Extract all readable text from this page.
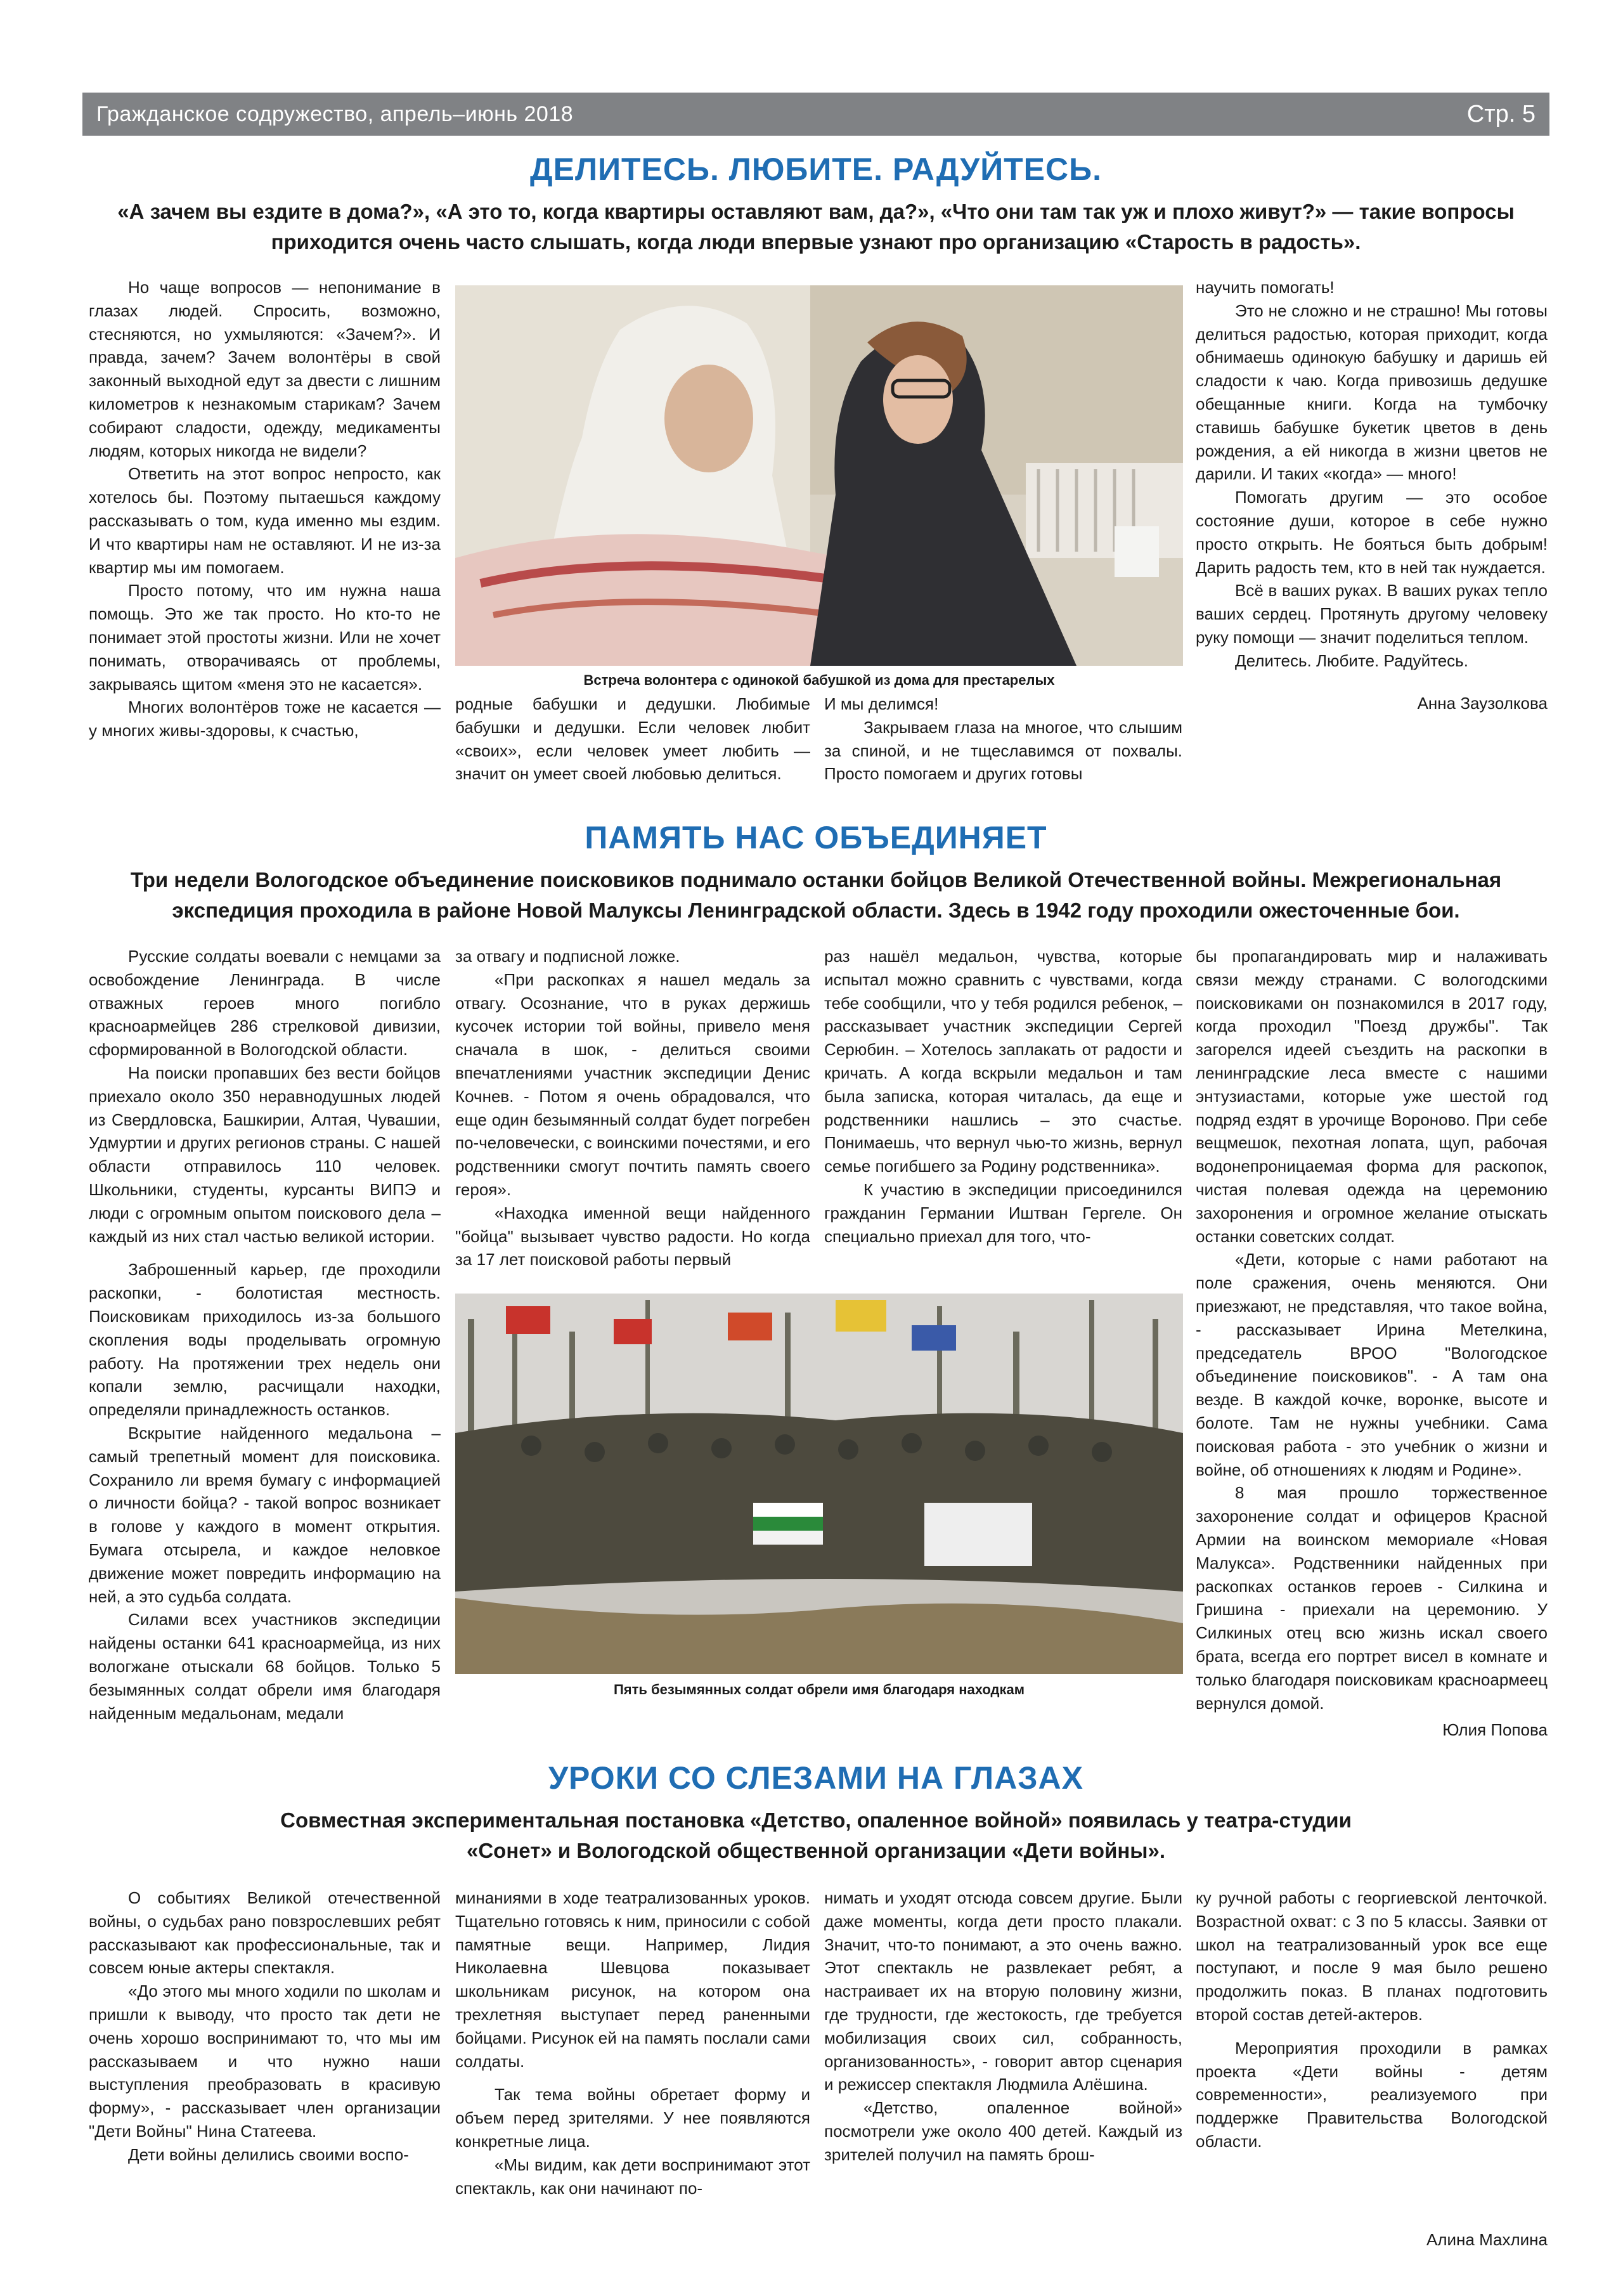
Гражданское содружество, апрель–июнь 2018	Стр. 5
ДЕЛИТЕСЬ. ЛЮБИТЕ. РАДУЙТЕСЬ.
«А зачем вы ездите в дома?», «А это то, когда квартиры оставляют вам, да?», «Что они там так уж и плохо живут?» — такие вопросы приходится очень часто слышать, когда люди впервые узнают про организацию «Старость в радость».

Но чаще вопросов — непонимание в глазах людей. Спросить, возможно, стесняются, но ухмыляются: «Зачем?». И правда, зачем? Зачем волонтёры в свой законный выходной едут за двести с лишним километров к незнакомым старикам? Зачем собирают сладости, одежду, медикаменты людям, которых никогда не видели?

Ответить на этот вопрос непросто, как хотелось бы. Поэтому пытаешься каждому рассказывать о том, куда именно мы ездим. И что квартиры нам не оставляют. И не из-за квартир мы им помогаем.

Просто потому, что им нужна наша помощь. Это же так просто. Но кто-то не понимает этой простоты жизни. Или не хочет понимать, отворачиваясь от проблемы, закрываясь щитом «меня это не касается».

Многих волонтёров тоже не касается — у многих живы-здоровы, к счастью,

Встреча волонтера с одинокой бабушкой из дома для престарелых

родные бабушки и дедушки. Любимые бабушки и дедушки. Если человек любит «своих», если человек умеет любить — значит он умеет своей любовью делиться.

И мы делимся!

Закрываем глаза на многое, что слышим за спиной, и не тщеславимся от похвалы. Просто помогаем и других готовы

научить помогать!

Это не сложно и не страшно! Мы готовы делиться радостью, которая приходит, когда обнимаешь одинокую бабушку и даришь ей сладости к чаю. Когда привозишь дедушке обещанные книги. Когда на тумбочку ставишь бабушке букетик цветов в день рождения, а ей никогда в жизни цветов не дарили. И таких «когда» — много!

Помогать другим — это особое состояние души, которое в себе нужно просто открыть. Не бояться быть добрым! Дарить радость тем, кто в ней так нуждается.

Всё в ваших руках. В ваших руках тепло ваших сердец. Протянуть другому человеку руку помощи — значит поделиться теплом.

Делитесь. Любите. Радуйтесь.

Анна Заузолкова

ПАМЯТЬ НАС ОБЪЕДИНЯЕТ
Три недели Вологодское объединение поисковиков поднимало останки бойцов Великой Отечественной войны. Межрегиональная экспедиция проходила в районе Новой Малуксы Ленинградской области. Здесь в 1942 году проходили ожесточенные бои.

Русские солдаты воевали с немцами за освобождение Ленинграда. В числе отважных героев много погибло красноармейцев 286 стрелковой дивизии, сформированной в Вологодской области.

На поиски пропавших без вести бойцов приехало около 350 неравнодушных людей из Свердловска, Башкирии, Алтая, Чувашии, Удмуртии и других регионов страны. С нашей области отправилось 110 человек. Школьники, студенты, курсанты ВИПЭ и люди с огромным опытом поискового дела – каждый из них стал частью великой истории.

Заброшенный карьер, где проходили раскопки, - болотистая местность. Поисковикам приходилось из-за большого скопления воды проделывать огромную работу. На протяжении трех недель они копали землю, расчищали находки, определяли принадлежность останков.

Вскрытие найденного медальона – самый трепетный момент для поисковика. Сохранило ли время бумагу с информацией о личности бойца? - такой вопрос возникает в голове у каждого в момент открытия. Бумага отсырела, и каждое неловкое движение может повредить информацию на ней, а это судьба солдата.

Силами всех участников экспедиции найдены останки 641 красноармейца, из них вологжане отыскали 68 бойцов. Только 5 безымянных солдат обрели имя благодаря найденным медальонам, медали

за отвагу и подписной ложке.

«При раскопках я нашел медаль за отвагу. Осознание, что в руках держишь кусочек истории той войны, привело меня сначала в шок, - делиться своими впечатлениями участник экспедиции Денис Кочнев. - Потом я очень обрадовался, что еще один безымянный солдат будет погребен по-человечески, с воинскими почестями, и его родственники смогут почтить память своего героя».

«Находка именной вещи найденного "бойца" вызывает чувство радости. Но когда за 17 лет поисковой работы первый

раз нашёл медальон, чувства, которые испытал можно сравнить с чувствами, когда тебе сообщили, что у тебя родился ребенок, – рассказывает участник экспедиции Сергей Серюбин. – Хотелось заплакать от радости и кричать. А когда вскрыли медальон и там была записка, которая читалась, да еще и родственники нашлись – это счастье. Понимаешь, что вернул чью-то жизнь, вернул семье погибшего за Родину родственника».

К участию в экспедиции присоединился гражданин Германии Иштван Гергеле. Он специально приехал для того, что-

Пять безымянных солдат обрели имя благодаря находкам

бы пропагандировать мир и налаживать связи между странами. С вологодскими поисковиками он познакомился в 2017 году, когда проходил "Поезд дружбы". Так загорелся идеей съездить на раскопки в ленинградские леса вместе с нашими энтузиастами, которые уже шестой год подряд ездят в урочище Вороново. При себе вещмешок, пехотная лопата, щуп, рабочая водонепроницаемая форма для раскопок, чистая полевая одежда на церемонию захоронения и огромное желание отыскать останки советских солдат.

«Дети, которые с нами работают на поле сражения, очень меняются. Они приезжают, не представляя, что такое война, - рассказывает Ирина Метелкина, председатель ВРОО "Вологодское объединение поисковиков". - А там она везде. В каждой кочке, воронке, высоте и болоте. Там не нужны учебники. Сама поисковая работа - это учебник о жизни и войне, об отношениях к людям и Родине».

8 мая прошло торжественное захоронение солдат и офицеров Красной Армии на воинском мемориале «Новая Малукса». Родственники найденных при раскопках останков героев - Силкина и Гришина - приехали на церемонию. У Силкиных отец всю жизнь искал своего брата, всегда его портрет висел в комнате и только благодаря поисковикам красноармеец вернулся домой.

Юлия Попова

УРОКИ СО СЛЕЗАМИ НА ГЛАЗАХ
Совместная экспериментальная постановка «Детство, опаленное войной» появилась у театра-студии «Сонет» и Вологодской общественной организации «Дети войны».

О событиях Великой отечественной войны, о судьбах рано повзрослевших ребят рассказывают как профессиональные, так и совсем юные актеры спектакля.

«До этого мы много ходили по школам и пришли к выводу, что просто так дети не очень хорошо воспринимают то, что мы им рассказываем и что нужно наши выступления преобразовать в красивую форму», - рассказывает член организации "Дети Войны" Нина Статеева.

Дети войны делились своими воспо-

минаниями в ходе театрализованных уроков. Тщательно готовясь к ним, приносили с собой памятные вещи. Например, Лидия Николаевна Шевцова показывает школьникам рисунок, на котором она трехлетняя выступает перед раненными бойцами. Рисунок ей на память послали сами солдаты.

Так тема войны обретает форму и объем перед зрителями. У нее появляются конкретные лица.

«Мы видим, как дети воспринимают этот спектакль, как они начинают по-

нимать и уходят отсюда совсем другие. Были даже моменты, когда дети просто плакали. Значит, что-то понимают, а это очень важно. Этот спектакль не развлекает ребят, а настраивает их на вторую половину жизни, где трудности, где жестокость, где требуется мобилизация своих сил, собранность, организованность», - говорит автор сценария и режиссер спектакля Людмила Алёшина.

«Детство, опаленное войной» посмотрели уже около 400 детей. Каждый из зрителей получил на память брош-

ку ручной работы с георгиевской ленточкой. Возрастной охват: с 3 по 5 классы. Заявки от школ на театрализованный урок все еще поступают, и после 9 мая было решено продолжить показ. В планах подготовить второй состав детей-актеров.

Мероприятия проходили в рамках проекта «Дети войны - детям современности», реализуемого при поддержке Правительства Вологодской области.

Алина Махлина
